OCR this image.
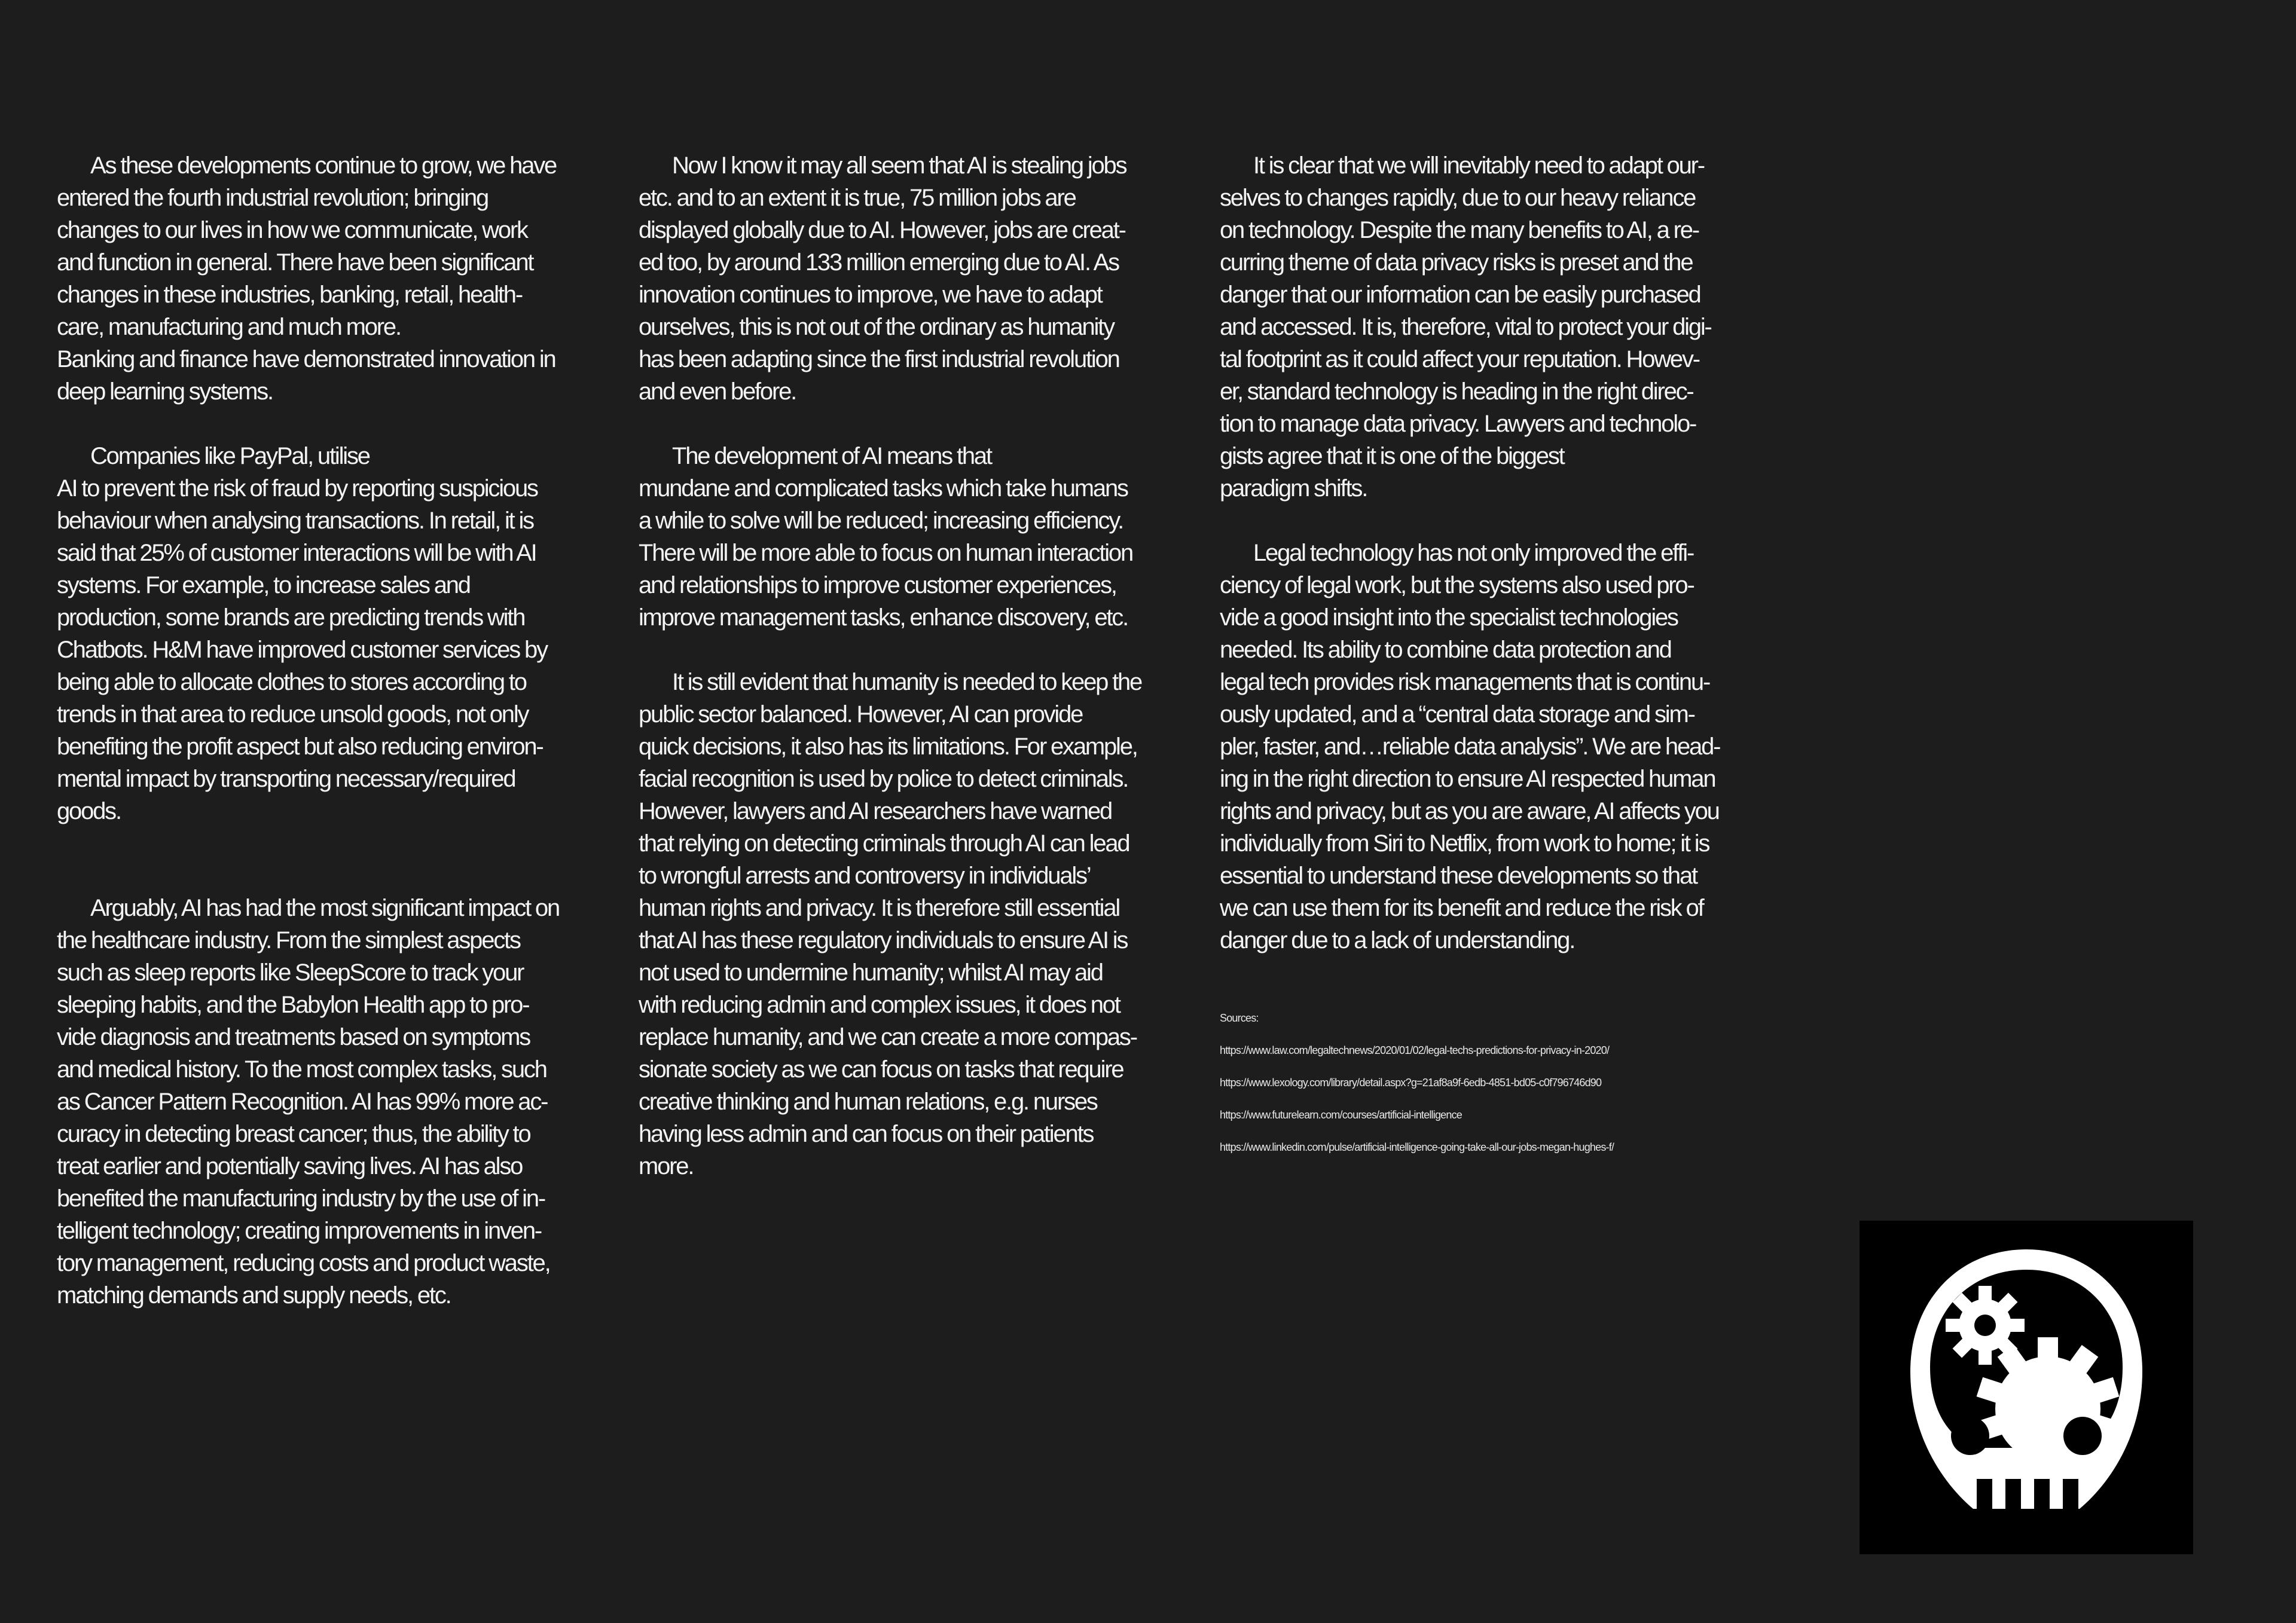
As these developments continue to grow, we have
entered the fourth industrial revolution; bringing
changes to our lives in how we communicate, work
and function in general. There have been significant
changes in these industries, banking, retail, health-
care, manufacturing and much more.
Banking and finance have demonstrated innovation in
deep learning systems.
Companies like PayPal, utilise
AI to prevent the risk of fraud by reporting suspicious
behaviour when analysing transactions. In retail, it is
said that 25% of customer interactions will be with AI
systems. For example, to increase sales and
production, some brands are predicting trends with
Chatbots. H&M have improved customer services by
being able to allocate clothes to stores according to
trends in that area to reduce unsold goods, not only
benefiting the profit aspect but also reducing environ-
mental impact by transporting necessary/required
goods.
Arguably, AI has had the most significant impact on
the healthcare industry. From the simplest aspects
such as sleep reports like SleepScore to track your
sleeping habits, and the Babylon Health app to pro-
vide diagnosis and treatments based on symptoms
and medical history. To the most complex tasks, such
as Cancer Pattern Recognition. AI has 99% more ac-
curacy in detecting breast cancer; thus, the ability to
treat earlier and potentially saving lives. AI has also
benefited the manufacturing industry by the use of in-
telligent technology; creating improvements in inven-
tory management, reducing costs and product waste,
matching demands and supply needs, etc.
Now I know it may all seem that AI is stealing jobs
etc. and to an extent it is true, 75 million jobs are
displayed globally due to AI. However, jobs are creat-
ed too, by around 133 million emerging due to AI. As
innovation continues to improve, we have to adapt
ourselves, this is not out of the ordinary as humanity
has been adapting since the first industrial revolution
and even before.
The development of AI means that
mundane and complicated tasks which take humans
a while to solve will be reduced; increasing efficiency.
There will be more able to focus on human interaction
and relationships to improve customer experiences,
improve management tasks, enhance discovery, etc.
It is still evident that humanity is needed to keep the
public sector balanced. However, AI can provide
quick decisions, it also has its limitations. For example,
facial recognition is used by police to detect criminals.
However, lawyers and AI researchers have warned
that relying on detecting criminals through AI can lead
to wrongful arrests and controversy in individuals’
human rights and privacy. It is therefore still essential
that AI has these regulatory individuals to ensure AI is
not used to undermine humanity; whilst AI may aid
with reducing admin and complex issues, it does not
replace humanity, and we can create a more compas-
sionate society as we can focus on tasks that require
creative thinking and human relations, e.g. nurses
having less admin and can focus on their patients
more.
It is clear that we will inevitably need to adapt our-
selves to changes rapidly, due to our heavy reliance
on technology. Despite the many benefits to AI, a re-
curring theme of data privacy risks is preset and the
danger that our information can be easily purchased
and accessed. It is, therefore, vital to protect your digi-
tal footprint as it could affect your reputation. Howev-
er, standard technology is heading in the right direc-
tion to manage data privacy. Lawyers and technolo-
gists agree that it is one of the biggest
paradigm shifts.
Legal technology has not only improved the effi-
ciency of legal work, but the systems also used pro-
vide a good insight into the specialist technologies
needed. Its ability to combine data protection and
legal tech provides risk managements that is continu-
ously updated, and a “central data storage and sim-
pler, faster, and…reliable data analysis”. We are head-
ing in the right direction to ensure AI respected human
rights and privacy, but as you are aware, AI affects you
individually from Siri to Netflix, from work to home; it is
essential to understand these developments so that
we can use them for its benefit and reduce the risk of
danger due to a lack of understanding.
Sources:
https://www.law.com/legaltechnews/2020/01/02/legal-techs-predictions-for-privacy-in-2020/
https://www.lexology.com/library/detail.aspx?g=21af8a9f-6edb-4851-bd05-c0f796746d90
https://www.futurelearn.com/courses/artificial-intelligence
https://www.linkedin.com/pulse/artificial-intelligence-going-take-all-our-jobs-megan-hughes-f/
